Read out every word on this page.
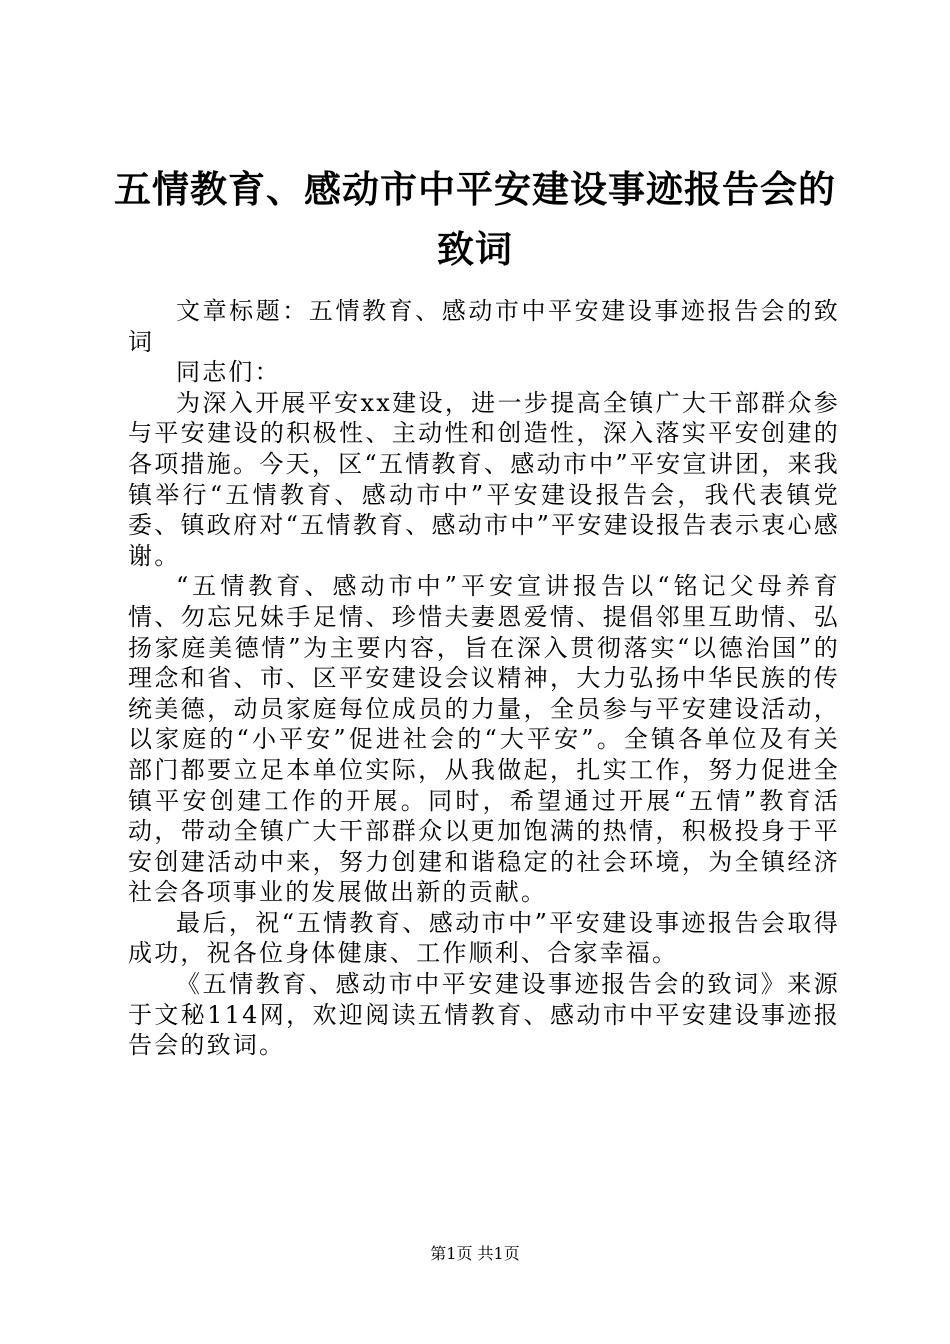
五情教育、感动市中平安建设事迹报告会的致词

文章标题：五情教育、感动市中平安建设事迹报告会的致词

同志们：

为深入开展平安xx建设，进一步提高全镇广大干部群众参与平安建设的积极性、主动性和创造性，深入落实平安创建的各项措施。今天，区“五情教育、感动市中”平安宣讲团，来我镇举行“五情教育、感动市中”平安建设报告会，我代表镇党委、镇政府对“五情教育、感动市中”平安建设报告表示衷心感谢。

“五情教育、感动市中”平安宣讲报告以“铭记父母养育情、勿忘兄妹手足情、珍惜夫妻恩爱情、提倡邻里互助情、弘扬家庭美德情”为主要内容，旨在深入贯彻落实“以德治国”的理念和省、市、区平安建设会议精神，大力弘扬中华民族的传统美德，动员家庭每位成员的力量，全员参与平安建设活动，以家庭的“小平安”促进社会的“大平安”。全镇各单位及有关部门都要立足本单位实际，从我做起，扎实工作，努力促进全镇平安创建工作的开展。同时，希望通过开展“五情”教育活动，带动全镇广大干部群众以更加饱满的热情，积极投身于平安创建活动中来，努力创建和谐稳定的社会环境，为全镇经济社会各项事业的发展做出新的贡献。

最后，祝“五情教育、感动市中”平安建设事迹报告会取得成功，祝各位身体健康、工作顺利、合家幸福。

《五情教育、感动市中平安建设事迹报告会的致词》来源于文秘114网，欢迎阅读五情教育、感动市中平安建设事迹报告会的致词。

第1页 共1页
